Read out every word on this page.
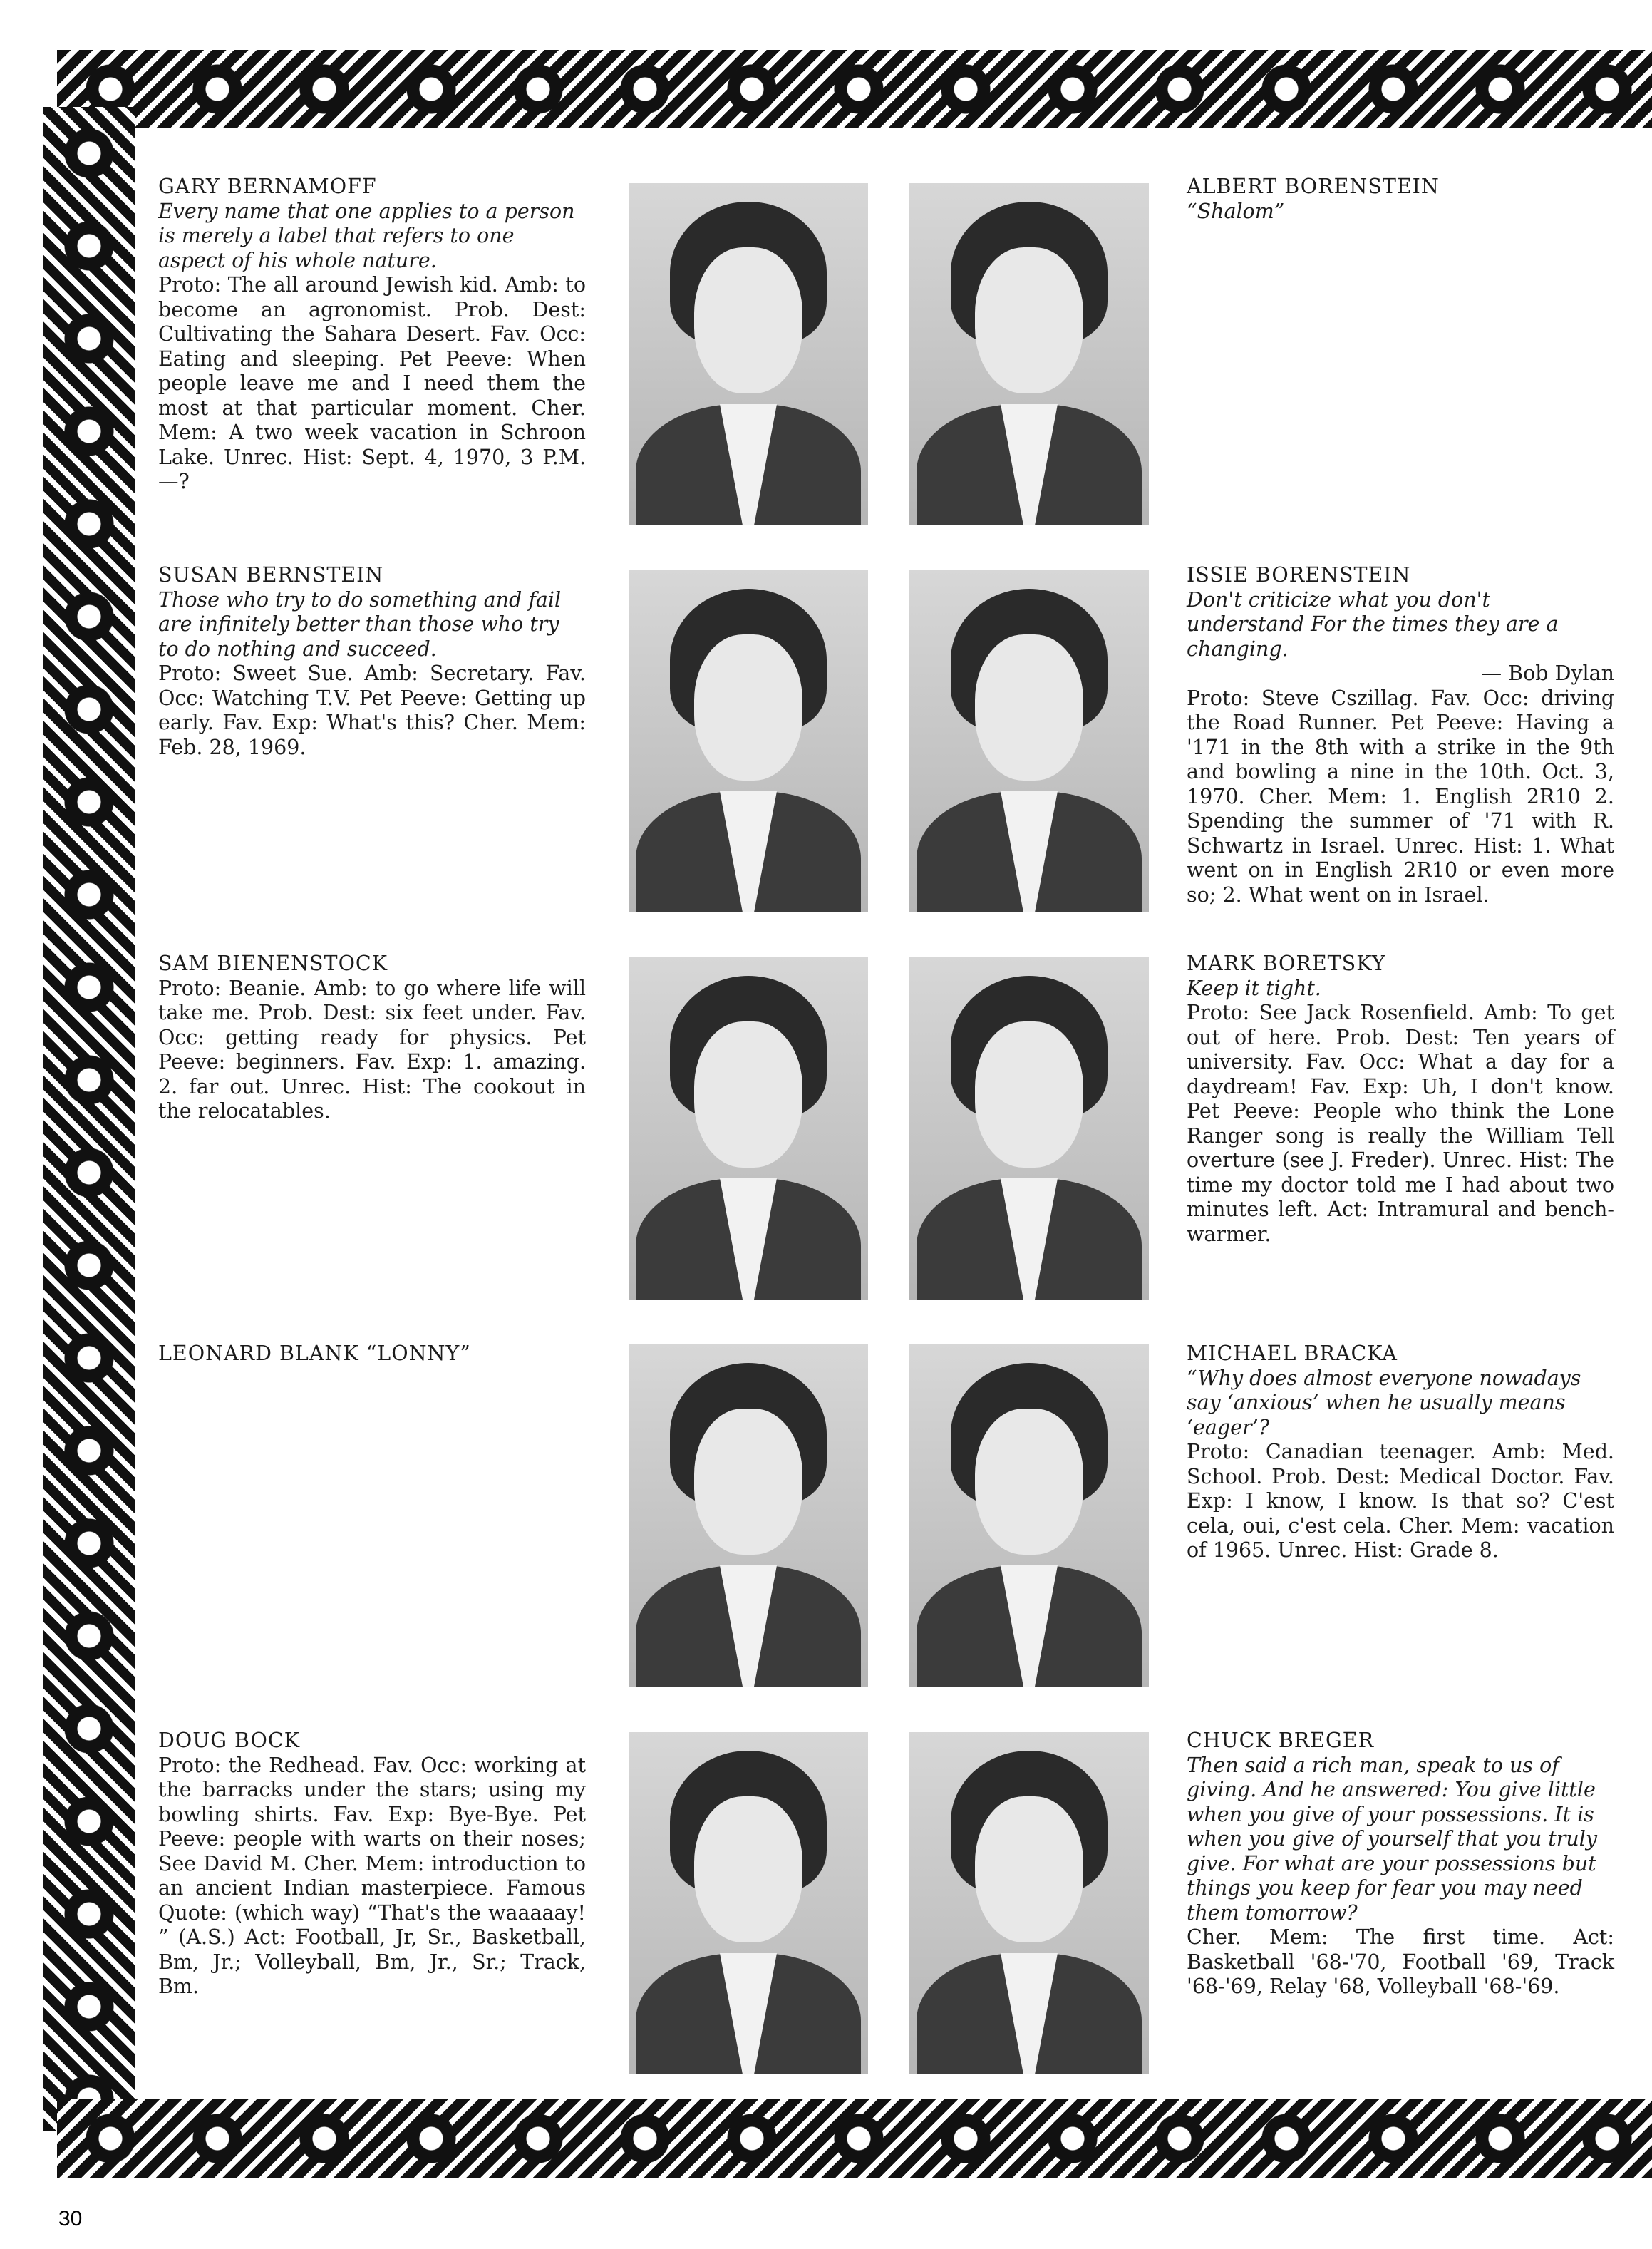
GARY BERNAMOFF
Every name that one applies to a person is merely a label that refers to one aspect of his whole nature.
Proto: The all around Jewish kid. Amb: to become an agronomist. Prob. Dest: Cultivating the Sahara Desert. Fav. Occ: Eating and sleeping. Pet Peeve: When people leave me and I need them the most at that particular moment. Cher. Mem: A two week vacation in Schroon Lake. Unrec. Hist: Sept. 4, 1970, 3 P.M. —?
ALBERT BORENSTEIN
“Shalom”
SUSAN BERNSTEIN
Those who try to do something and fail are infinitely better than those who try to do nothing and succeed.
Proto: Sweet Sue. Amb: Secretary. Fav. Occ: Watching T.V. Pet Peeve: Getting up early. Fav. Exp: What's this? Cher. Mem: Feb. 28, 1969.
ISSIE BORENSTEIN
Don't criticize what you don't understand For the times they are a changing.
— Bob Dylan
Proto: Steve Cszillag. Fav. Occ: driving the Road Runner. Pet Peeve: Having a '171 in the 8th with a strike in the 9th and bowling a nine in the 10th. Oct. 3, 1970. Cher. Mem: 1. English 2R10 2. Spending the summer of '71 with R. Schwartz in Israel. Unrec. Hist: 1. What went on in English 2R10 or even more so; 2. What went on in Israel.
SAM BIENENSTOCK
Proto: Beanie. Amb: to go where life will take me. Prob. Dest: six feet under. Fav. Occ: getting ready for physics. Pet Peeve: beginners. Fav. Exp: 1. amazing. 2. far out. Unrec. Hist: The cookout in the relocatables.
MARK BORETSKY
Keep it tight.
Proto: See Jack Rosenfield. Amb: To get out of here. Prob. Dest: Ten years of university. Fav. Occ: What a day for a daydream! Fav. Exp: Uh, I don't know. Pet Peeve: People who think the Lone Ranger song is really the William Tell overture (see J. Freder). Unrec. Hist: The time my doctor told me I had about two minutes left. Act: Intramural and bench-warmer.
LEONARD BLANK “LONNY”	MICHAEL BRACKA
“Why does almost everyone nowadays say ‘anxious’ when he usually means ‘eager’?
Proto: Canadian teenager. Amb: Med. School. Prob. Dest: Medical Doctor. Fav. Exp: I know, I know. Is that so? C'est cela, oui, c'est cela. Cher. Mem: vacation of 1965. Unrec. Hist: Grade 8.
DOUG BOCK
Proto: the Redhead. Fav. Occ: working at the barracks under the stars; using my bowling shirts. Fav. Exp: Bye-Bye. Pet Peeve: people with warts on their noses; See David M. Cher. Mem: introduction to an ancient Indian masterpiece. Famous Quote: (which way) “That's the waaaaay! ” (A.S.) Act: Football, Jr, Sr., Basketball, Bm, Jr.; Volleyball, Bm, Jr., Sr.; Track, Bm.
CHUCK BREGER
Then said a rich man, speak to us of giving. And he answered: You give little when you give of your possessions. It is when you give of yourself that you truly give. For what are your possessions but things you keep for fear you may need them tomorrow?
Cher. Mem: The first time. Act: Basketball '68-'70, Football '69, Track '68-'69, Relay '68, Volleyball '68-'69.
30
